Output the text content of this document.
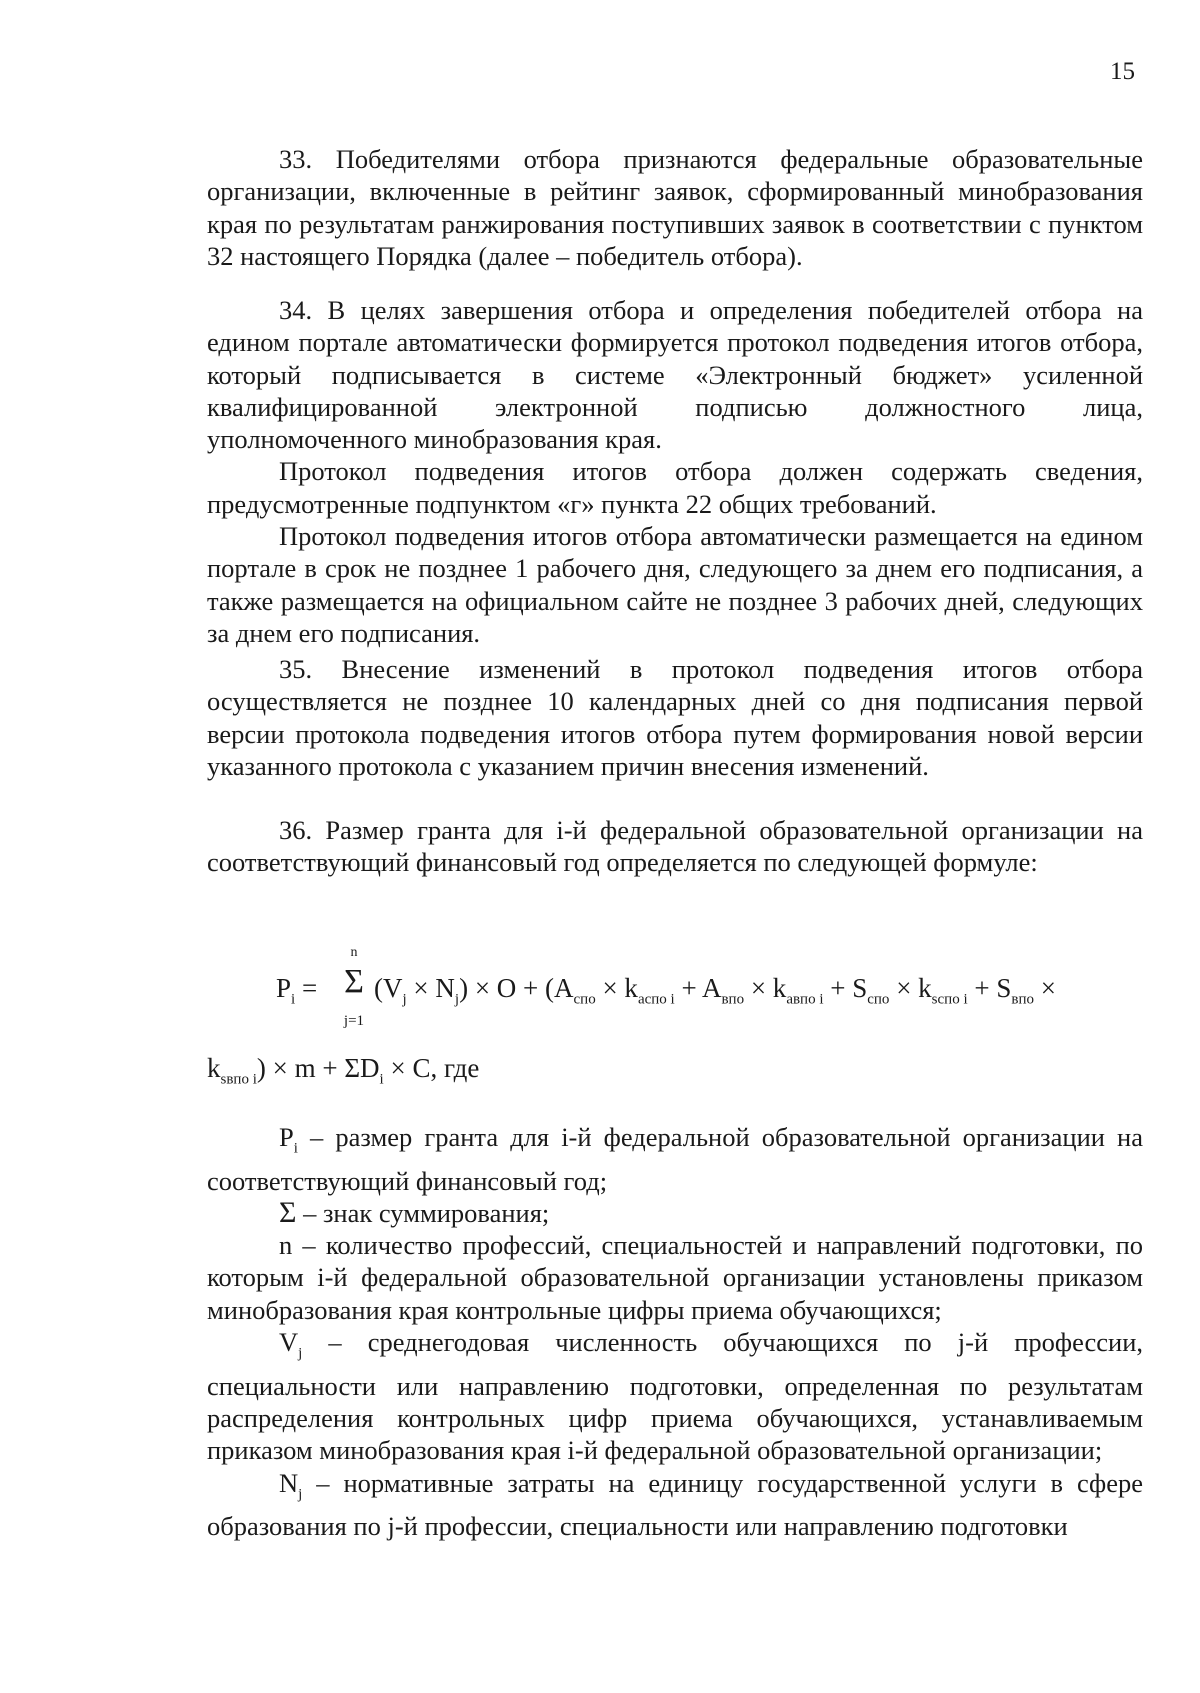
15

33. Победителями отбора признаются федеральные образовательные организации, включенные в рейтинг заявок, сформированный минобразования края по результатам ранжирования поступивших заявок в соответствии с пунктом 32 настоящего Порядка (далее – победитель отбора).

34. В целях завершения отбора и определения победителей отбора на едином портале автоматически формируется протокол подведения итогов отбора, который подписывается в системе «Электронный бюджет» усиленной квалифицированной электронной подписью должностного лица, уполномоченного минобразования края.

Протокол подведения итогов отбора должен содержать сведения, предусмотренные подпунктом «г» пункта 22 общих требований.

Протокол подведения итогов отбора автоматически размещается на едином портале в срок не позднее 1 рабочего дня, следующего за днем его подписания, а также размещается на официальном сайте не позднее 3 рабочих дней, следующих за днем его подписания.

35. Внесение изменений в протокол подведения итогов отбора осуществляется не позднее 10 календарных дней со дня подписания первой версии протокола подведения итогов отбора путем формирования новой версии указанного протокола с указанием причин внесения изменений.

36. Размер гранта для i-й федеральной образовательной организации на соответствующий финансовый год определяется по следующей формуле:

$P_i$ =
n
Σ
j=1
$(V_j \times N_j) \times O + (A_{спо} \times k_{аспо i} + A_{впо} \times k_{авпо i} + S_{спо} \times k_{sспо i} + S_{впо}$ ×
$k_{sвпо i}) \times m + \Sigma D_i \times C$, где

$P_i$ – размер гранта для i-й федеральной образовательной организации на соответствующий финансовый год;

Σ – знак суммирования;

n – количество профессий, специальностей и направлений подготовки, по которым i-й федеральной образовательной организации установлены приказом минобразования края контрольные цифры приема обучающихся;

$V_j$ – среднегодовая численность обучающихся по j-й профессии, специальности или направлению подготовки, определенная по результатам распределения контрольных цифр приема обучающихся, устанавливаемым приказом минобразования края i-й федеральной образовательной организации;

$N_j$ – нормативные затраты на единицу государственной услуги в сфере образования по j-й профессии, специальности или направлению подготовки
